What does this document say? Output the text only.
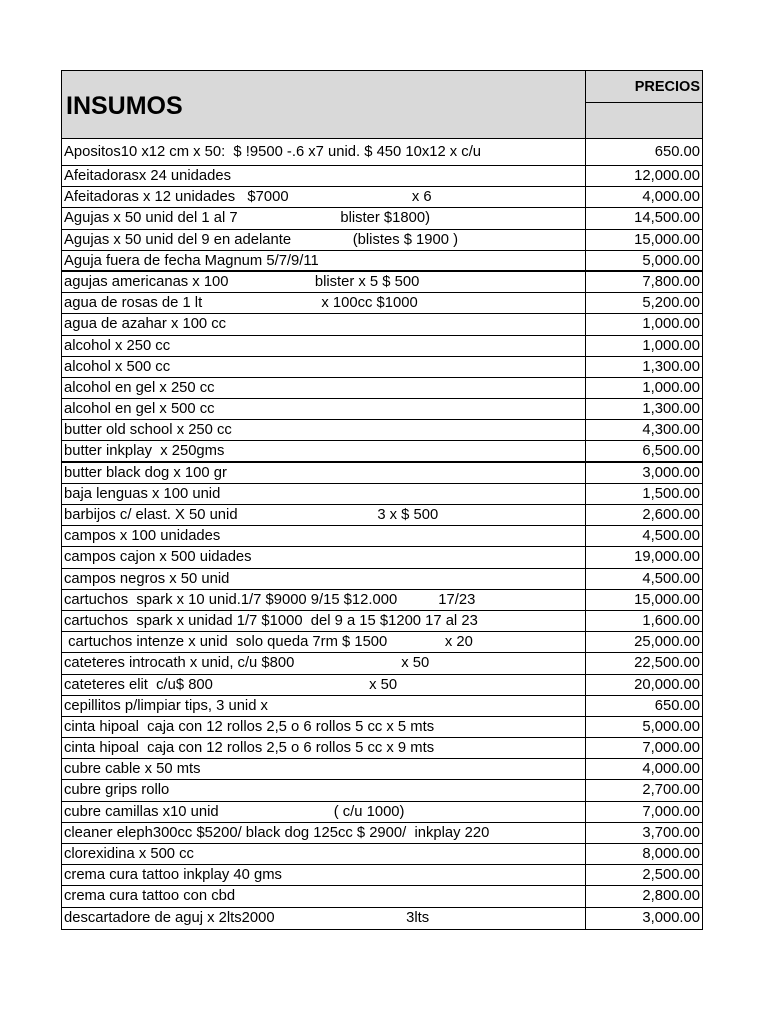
INSUMOS
PRECIOS
Apositos10 x12 cm x 50:  $ !9500 -.6 x7 unid. $ 450 10x12 x c/u	650.00
Afeitadorasx 24 unidades	12,000.00
Afeitadoras x 12 unidades   $7000                              x 6	4,000.00
Agujas x 50 unid del 1 al 7                         blister $1800)	14,500.00
Agujas x 50 unid del 9 en adelante               (blistes $ 1900 )	15,000.00
Aguja fuera de fecha Magnum 5/7/9/11	5,000.00
agujas americanas x 100                     blister x 5 $ 500	7,800.00
agua de rosas de 1 lt                             x 100cc $1000	5,200.00
agua de azahar x 100 cc	1,000.00
alcohol x 250 cc	1,000.00
alcohol x 500 cc	1,300.00
alcohol en gel x 250 cc	1,000.00
alcohol en gel x 500 cc	1,300.00
butter old school x 250 cc	4,300.00
butter inkplay  x 250gms	6,500.00
butter black dog x 100 gr	3,000.00
baja lenguas x 100 unid	1,500.00
barbijos c/ elast. X 50 unid                                  3 x $ 500	2,600.00
campos x 100 unidades	4,500.00
campos cajon x 500 uidades	19,000.00
campos negros x 50 unid	4,500.00
cartuchos  spark x 10 unid.1/7 $9000 9/15 $12.000          17/23	15,000.00
cartuchos  spark x unidad 1/7 $1000  del 9 a 15 $1200 17 al 23	1,600.00
cartuchos intenze x unid  solo queda 7rm $ 1500              x 20	25,000.00
cateteres introcath x unid, c/u $800                          x 50	22,500.00
cateteres elit  c/u$ 800                                      x 50	20,000.00
cepillitos p/limpiar tips, 3 unid x	650.00
cinta hipoal  caja con 12 rollos 2,5 o 6 rollos 5 cc x 5 mts	5,000.00
cinta hipoal  caja con 12 rollos 2,5 o 6 rollos 5 cc x 9 mts	7,000.00
cubre cable x 50 mts	4,000.00
cubre grips rollo	2,700.00
cubre camillas x10 unid                            ( c/u 1000)	7,000.00
cleaner eleph300cc $5200/ black dog 125cc $ 2900/  inkplay 220	3,700.00
clorexidina x 500 cc	8,000.00
crema cura tattoo inkplay 40 gms	2,500.00
crema cura tattoo con cbd	2,800.00
descartadore de aguj x 2lts2000                                3lts	3,000.00
